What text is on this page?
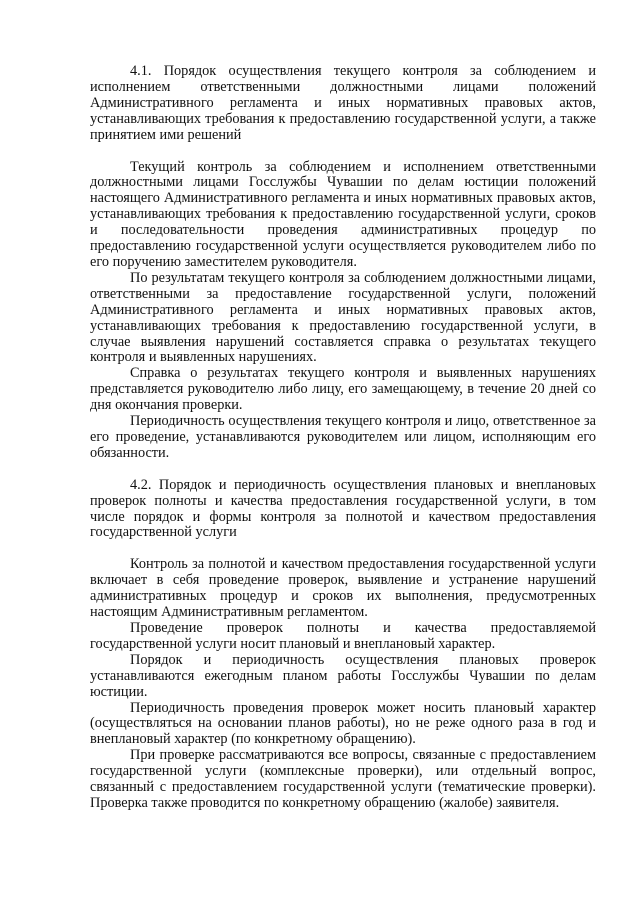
4.1. Порядок осуществления текущего контроля за соблюдением и исполнением ответственными должностными лицами положений Административного регламента и иных нормативных правовых актов, устанавливающих требования к предоставлению государственной услуги, а также принятием ими решений

Текущий контроль за соблюдением и исполнением ответственными должностными лицами Госслужбы Чувашии по делам юстиции положений настоящего Административного регламента и иных нормативных правовых актов, устанавливающих требования к предоставлению государственной услуги, сроков и последовательности проведения административных процедур по предоставлению государственной услуги осуществляется руководителем либо по его поручению заместителем руководителя.

По результатам текущего контроля за соблюдением должностными лицами, ответственными за предоставление государственной услуги, положений Административного регламента и иных нормативных правовых актов, устанавливающих требования к предоставлению государственной услуги, в случае выявления нарушений составляется справка о результатах текущего контроля и выявленных нарушениях.

Справка о результатах текущего контроля и выявленных нарушениях представляется руководителю либо лицу, его замещающему, в течение 20 дней со дня окончания проверки.

Периодичность осуществления текущего контроля и лицо, ответственное за его проведение, устанавливаются руководителем или лицом, исполняющим его обязанности.

4.2. Порядок и периодичность осуществления плановых и внеплановых проверок полноты и качества предоставления государственной услуги, в том числе порядок и формы контроля за полнотой и качеством предоставления государственной услуги

Контроль за полнотой и качеством предоставления государственной услуги включает в себя проведение проверок, выявление и устранение нарушений административных процедур и сроков их выполнения, предусмотренных настоящим Административным регламентом.

Проведение проверок полноты и качества предоставляемой государственной услуги носит плановый и внеплановый характер.

Порядок и периодичность осуществления плановых проверок устанавливаются ежегодным планом работы Госслужбы Чувашии по делам юстиции.

Периодичность проведения проверок может носить плановый характер (осуществляться на основании планов работы), но не реже одного раза в год и внеплановый характер (по конкретному обращению).

При проверке рассматриваются все вопросы, связанные с предоставлением государственной услуги (комплексные проверки), или отдельный вопрос, связанный с предоставлением государственной услуги (тематические проверки). Проверка также проводится по конкретному обращению (жалобе) заявителя.
